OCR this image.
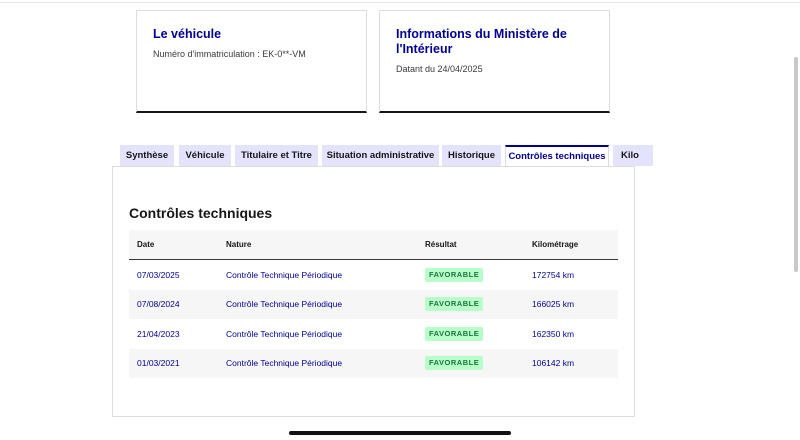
Le véhicule
Numéro d'immatriculation : EK-0**-VM
Informations du Ministère de l'Intérieur
Datant du 24/04/2025
Synthèse	Véhicule	Titulaire et Titre	Situation administrative	Historique	Contrôles techniques	Kilo
Contrôles techniques
Date	Nature	Résultat	Kilométrage
07/03/2025	Contrôle Technique Périodique	FAVORABLE	172754 km
07/08/2024	Contrôle Technique Périodique	FAVORABLE	166025 km
21/04/2023	Contrôle Technique Périodique	FAVORABLE	162350 km
01/03/2021	Contrôle Technique Périodique	FAVORABLE	106142 km
